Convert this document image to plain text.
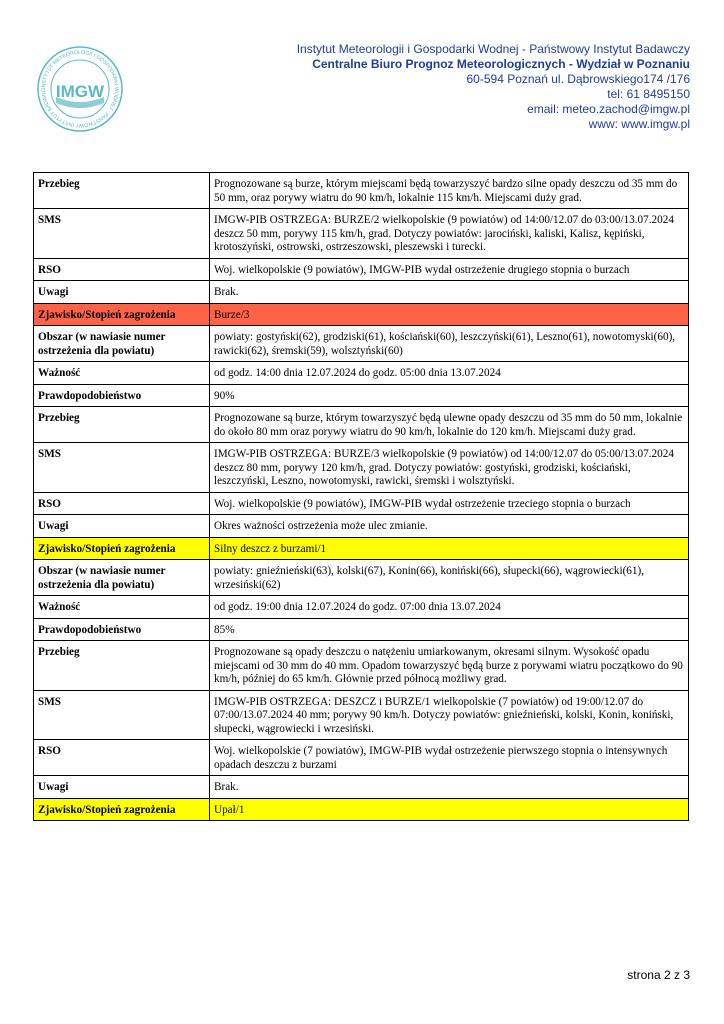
INSTYTUT METEOROLOGII I GOSPODARKI WODNEJ · PAŃSTWOWY INSTYTUT BADAWC IMGW
Instytut Meteorologii i Gospodarki Wodnej - Państwowy Instytut Badawczy
Centralne Biuro Prognoz Meteorologicznych - Wydział w Poznaniu
60-594 Poznań ul. Dąbrowskiego174 /176
tel: 61 8495150
email: meteo.zachod@imgw.pl
www: www.imgw.pl
Przebieg	Prognozowane są burze, którym miejscami będą towarzyszyć bardzo silne opady deszczu od 35 mm do 50 mm, oraz porywy wiatru do 90 km/h, lokalnie 115 km/h. Miejscami duży grad.
SMS	IMGW-PIB OSTRZEGA: BURZE/2 wielkopolskie (9 powiatów) od 14:00/12.07 do 03:00/13.07.2024 deszcz 50 mm, porywy 115 km/h, grad. Dotyczy powiatów: jarociński, kaliski, Kalisz, kępiński, krotoszyński, ostrowski, ostrzeszowski, pleszewski i turecki.
RSO	Woj. wielkopolskie (9 powiatów), IMGW-PIB wydał ostrzeżenie drugiego stopnia o burzach
Uwagi	Brak.
Zjawisko/Stopień zagrożenia	Burze/3
Obszar (w nawiasie numer ostrzeżenia dla powiatu)	powiaty: gostyński(62), grodziski(61), kościański(60), leszczyński(61), Leszno(61), nowotomyski(60), rawicki(62), śremski(59), wolsztyński(60)
Ważność	od godz. 14:00 dnia 12.07.2024 do godz. 05:00 dnia 13.07.2024
Prawdopodobieństwo	90%
Przebieg	Prognozowane są burze, którym towarzyszyć będą ulewne opady deszczu od 35 mm do 50 mm, lokalnie do około 80 mm oraz porywy wiatru do 90 km/h, lokalnie do 120 km/h. Miejscami duży grad.
SMS	IMGW-PIB OSTRZEGA: BURZE/3 wielkopolskie (9 powiatów) od 14:00/12.07 do 05:00/13.07.2024 deszcz 80 mm, porywy 120 km/h, grad. Dotyczy powiatów: gostyński, grodziski, kościański, leszczyński, Leszno, nowotomyski, rawicki, śremski i wolsztyński.
RSO	Woj. wielkopolskie (9 powiatów), IMGW-PIB wydał ostrzeżenie trzeciego stopnia o burzach
Uwagi	Okres ważności ostrzeżenia może ulec zmianie.
Zjawisko/Stopień zagrożenia	Silny deszcz z burzami/1
Obszar (w nawiasie numer ostrzeżenia dla powiatu)	powiaty: gnieźnieński(63), kolski(67), Konin(66), koniński(66), słupecki(66), wągrowiecki(61), wrzesiński(62)
Ważność	od godz. 19:00 dnia 12.07.2024 do godz. 07:00 dnia 13.07.2024
Prawdopodobieństwo	85%
Przebieg	Prognozowane są opady deszczu o natężeniu umiarkowanym, okresami silnym. Wysokość opadu miejscami od 30 mm do 40 mm. Opadom towarzyszyć będą burze z porywami wiatru początkowo do 90 km/h, później do 65 km/h. Głównie przed północą możliwy grad.
SMS	IMGW-PIB OSTRZEGA: DESZCZ i BURZE/1 wielkopolskie (7 powiatów) od 19:00/12.07 do 07:00/13.07.2024 40 mm; porywy 90 km/h. Dotyczy powiatów: gnieźnieński, kolski, Konin, koniński, słupecki, wągrowiecki i wrzesiński.
RSO	Woj. wielkopolskie (7 powiatów), IMGW-PIB wydał ostrzeżenie pierwszego stopnia o intensywnych opadach deszczu z burzami
Uwagi	Brak.
Zjawisko/Stopień zagrożenia	Upał/1
strona 2 z 3
